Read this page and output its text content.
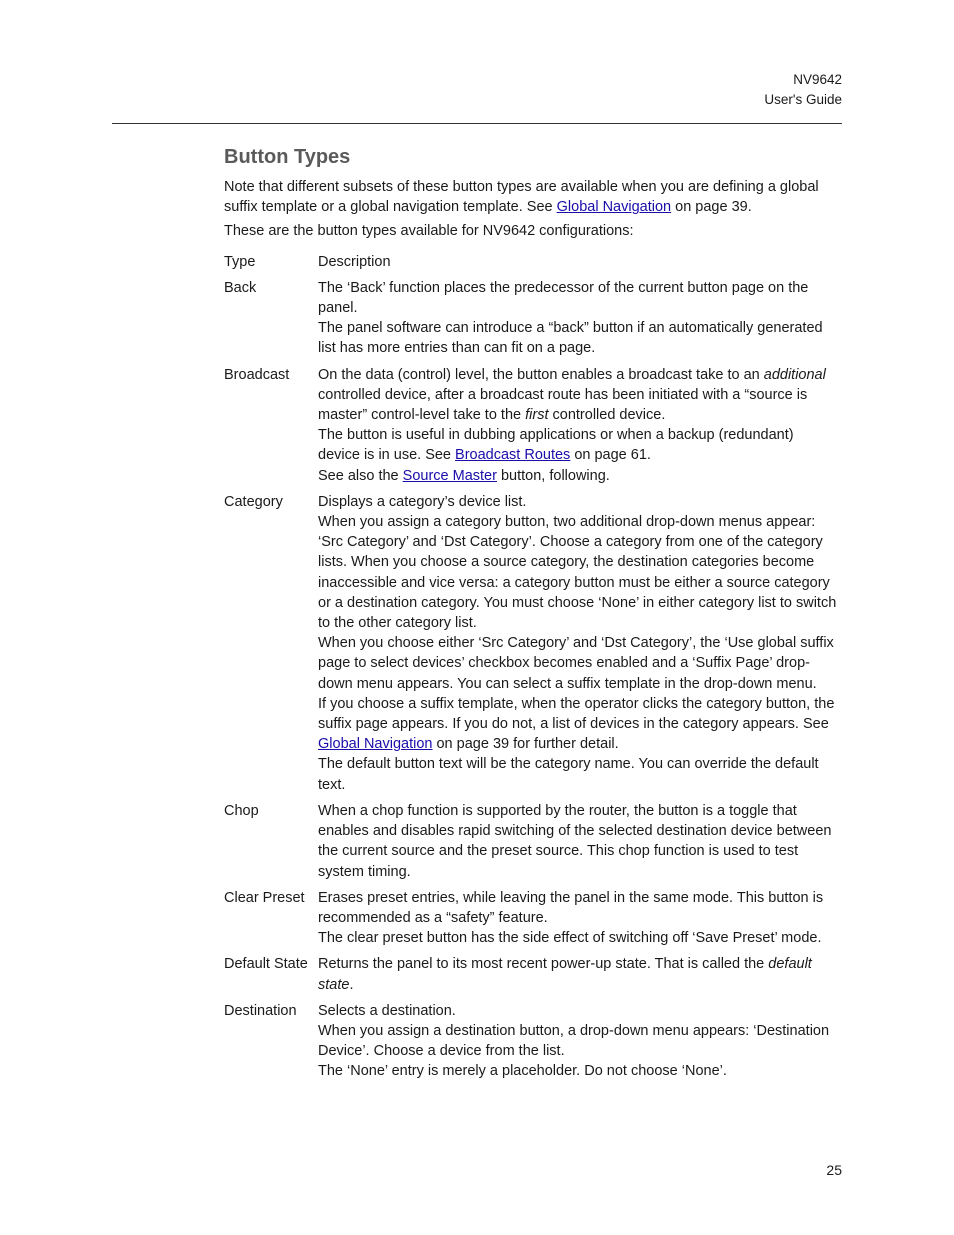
NV9642
User's Guide
Button Types

Note that different subsets of these button types are available when you are defining a global suffix template or a global navigation template. See Global Navigation on page 39.

These are the button types available for NV9642 configurations:

Type	Description
Back	The ‘Back’ function places the predecessor of the current button page on the panel.
The panel software can introduce a “back” button if an automatically generated list has more entries than can fit on a page.

Broadcast	On the data (control) level, the button enables a broadcast take to an additional controlled device, after a broadcast route has been initiated with a “source is master” control-level take to the first controlled device.
The button is useful in dubbing applications or when a backup (redundant) device is in use. See Broadcast Routes on page 61.
See also the Source Master button, following.

Category	Displays a category’s device list.
When you assign a category button, two additional drop-down menus appear: ‘Src Category’ and ‘Dst Category’. Choose a category from one of the category lists. When you choose a source category, the destination categories become inaccessible and vice versa: a category button must be either a source category or a destination category. You must choose ‘None’ in either category list to switch to the other category list.
When you choose either ‘Src Category’ and ‘Dst Category’, the ‘Use global suffix page to select devices’ checkbox becomes enabled and a ‘Suffix Page’ drop-down menu appears. You can select a suffix template in the drop-down menu.
If you choose a suffix template, when the operator clicks the category button, the suffix page appears. If you do not, a list of devices in the category appears. See Global Navigation on page 39 for further detail.
The default button text will be the category name. You can override the default text.

Chop	When a chop function is supported by the router, the button is a toggle that enables and disables rapid switching of the selected destination device between the current source and the preset source. This chop function is used to test system timing.

Clear Preset	Erases preset entries, while leaving the panel in the same mode. This button is recommended as a “safety” feature.
The clear preset button has the side effect of switching off ‘Save Preset’ mode.

Default State	Returns the panel to its most recent power-up state. That is called the default state.

Destination	Selects a destination.
When you assign a destination button, a drop-down menu appears: ‘Destination Device’. Choose a device from the list.
The ‘None’ entry is merely a placeholder. Do not choose ‘None’.
25
